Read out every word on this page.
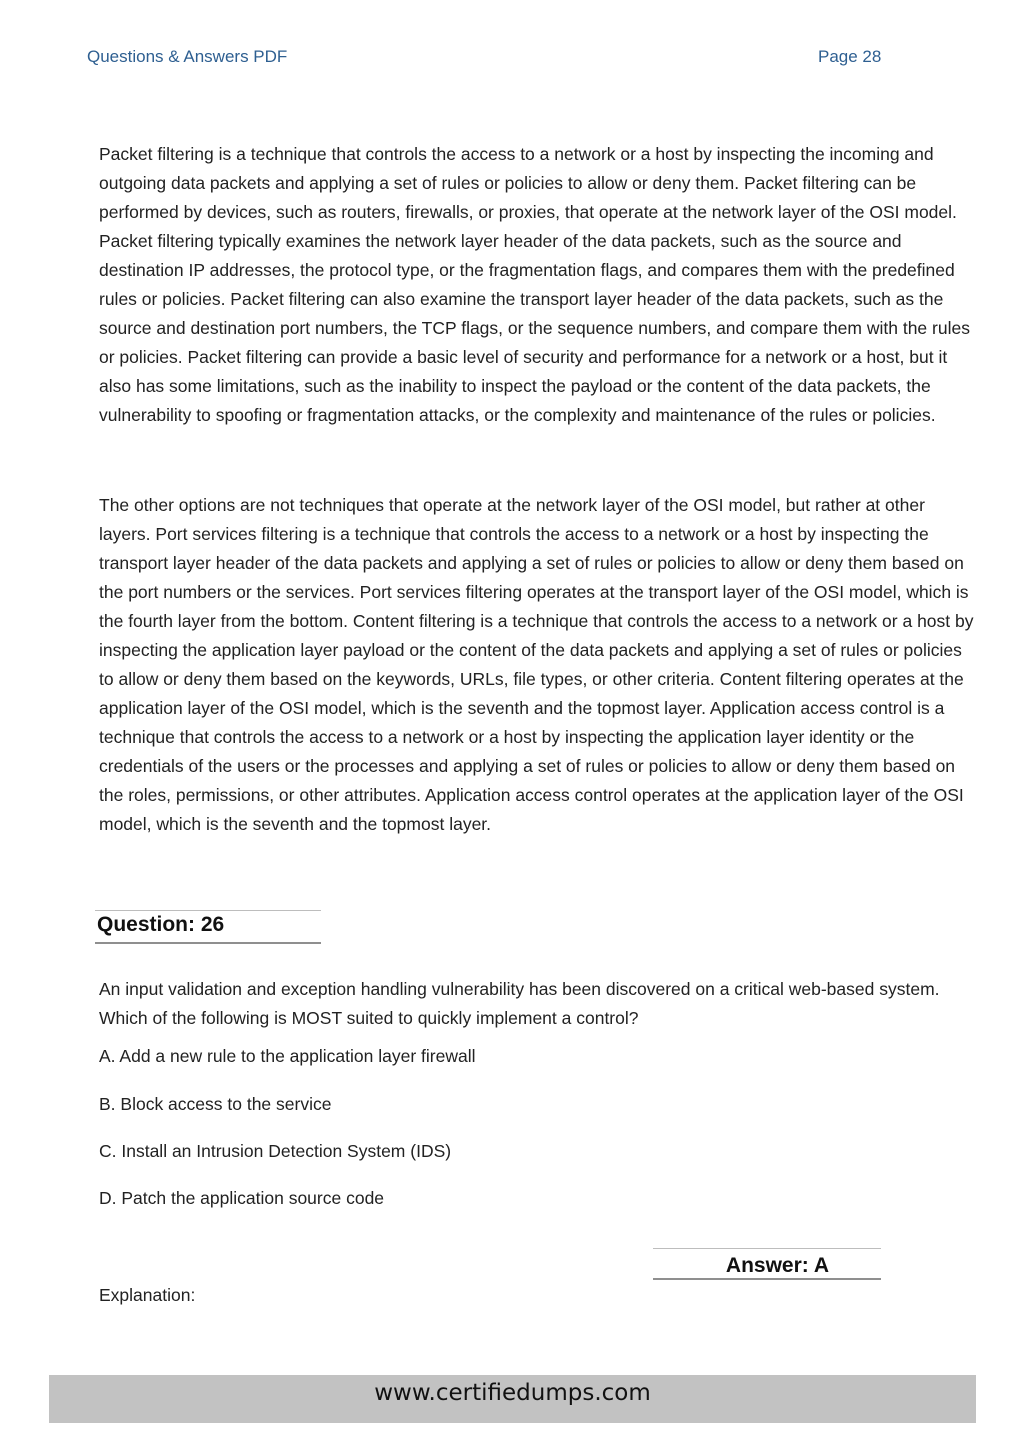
Questions & Answers PDF	Page 28

Packet filtering is a technique that controls the access to a network or a host by inspecting the incoming and outgoing data packets and applying a set of rules or policies to allow or deny them. Packet filtering can be performed by devices, such as routers, firewalls, or proxies, that operate at the network layer of the OSI model. Packet filtering typically examines the network layer header of the data packets, such as the source and destination IP addresses, the protocol type, or the fragmentation flags, and compares them with the predefined rules or policies. Packet filtering can also examine the transport layer header of the data packets, such as the source and destination port numbers, the TCP flags, or the sequence numbers, and compare them with the rules or policies. Packet filtering can provide a basic level of security and performance for a network or a host, but it also has some limitations, such as the inability to inspect the payload or the content of the data packets, the vulnerability to spoofing or fragmentation attacks, or the complexity and maintenance of the rules or policies.

The other options are not techniques that operate at the network layer of the OSI model, but rather at other layers. Port services filtering is a technique that controls the access to a network or a host by inspecting the transport layer header of the data packets and applying a set of rules or policies to allow or deny them based on the port numbers or the services. Port services filtering operates at the transport layer of the OSI model, which is the fourth layer from the bottom. Content filtering is a technique that controls the access to a network or a host by inspecting the application layer payload or the content of the data packets and applying a set of rules or policies to allow or deny them based on the keywords, URLs, file types, or other criteria. Content filtering operates at the application layer of the OSI model, which is the seventh and the topmost layer. Application access control is a technique that controls the access to a network or a host by inspecting the application layer identity or the credentials of the users or the processes and applying a set of rules or policies to allow or deny them based on the roles, permissions, or other attributes. Application access control operates at the application layer of the OSI model, which is the seventh and the topmost layer.

Question: 26

An input validation and exception handling vulnerability has been discovered on a critical web-based system. Which of the following is MOST suited to quickly implement a control?

A. Add a new rule to the application layer firewall
B. Block access to the service
C. Install an Intrusion Detection System (IDS)
D. Patch the application source code
Answer: A
Explanation:
www.certifiedumps.com
